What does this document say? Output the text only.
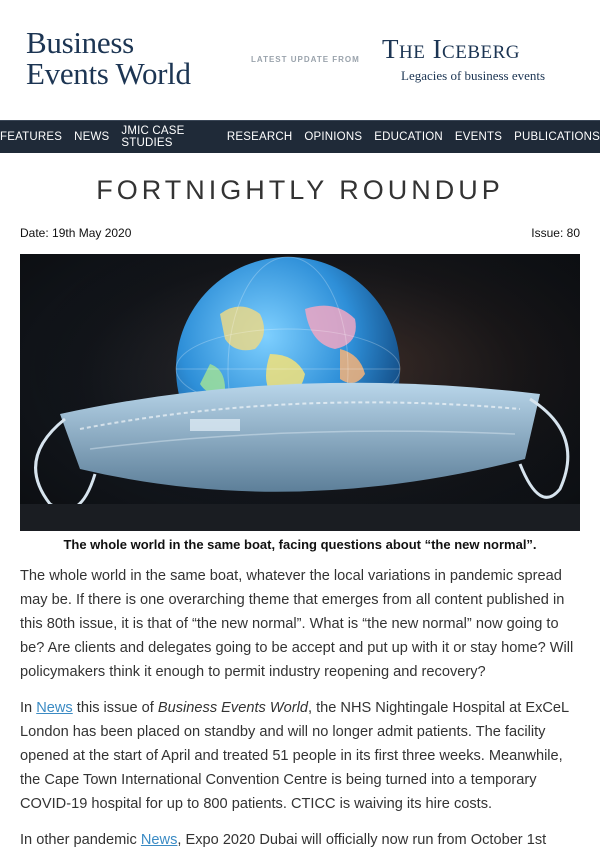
Business
Events World	LATEST UPDATE FROM The Iceberg
Legacies of business events
FEATURES NEWS JMIC CASE STUDIES	RESEARCH OPINIONS EDUCATION EVENTS PUBLICATIONS
FORTNIGHTLY ROUNDUP
Date: 19th May 2020	Issue: 80
The whole world in the same boat, facing questions about “the new normal”.

The whole world in the same boat, whatever the local variations in pandemic spread may be. If there is one overarching theme that emerges from all content published in this 80th issue, it is that of “the new normal”. What is “the new normal” now going to be? Are clients and delegates going to be accept and put up with it or stay home? Will policymakers think it enough to permit industry reopening and recovery?

In News this issue of Business Events World, the NHS Nightingale Hospital at ExCeL London has been placed on standby and will no longer admit patients. The facility opened at the start of April and treated 51 people in its first three weeks. Meanwhile, the Cape Town International Convention Centre is being turned into a temporary COVID-19 hospital for up to 800 patients. CTICC is waiving its hire costs.

In other pandemic News, Expo 2020 Dubai will officially now run from October 1st
